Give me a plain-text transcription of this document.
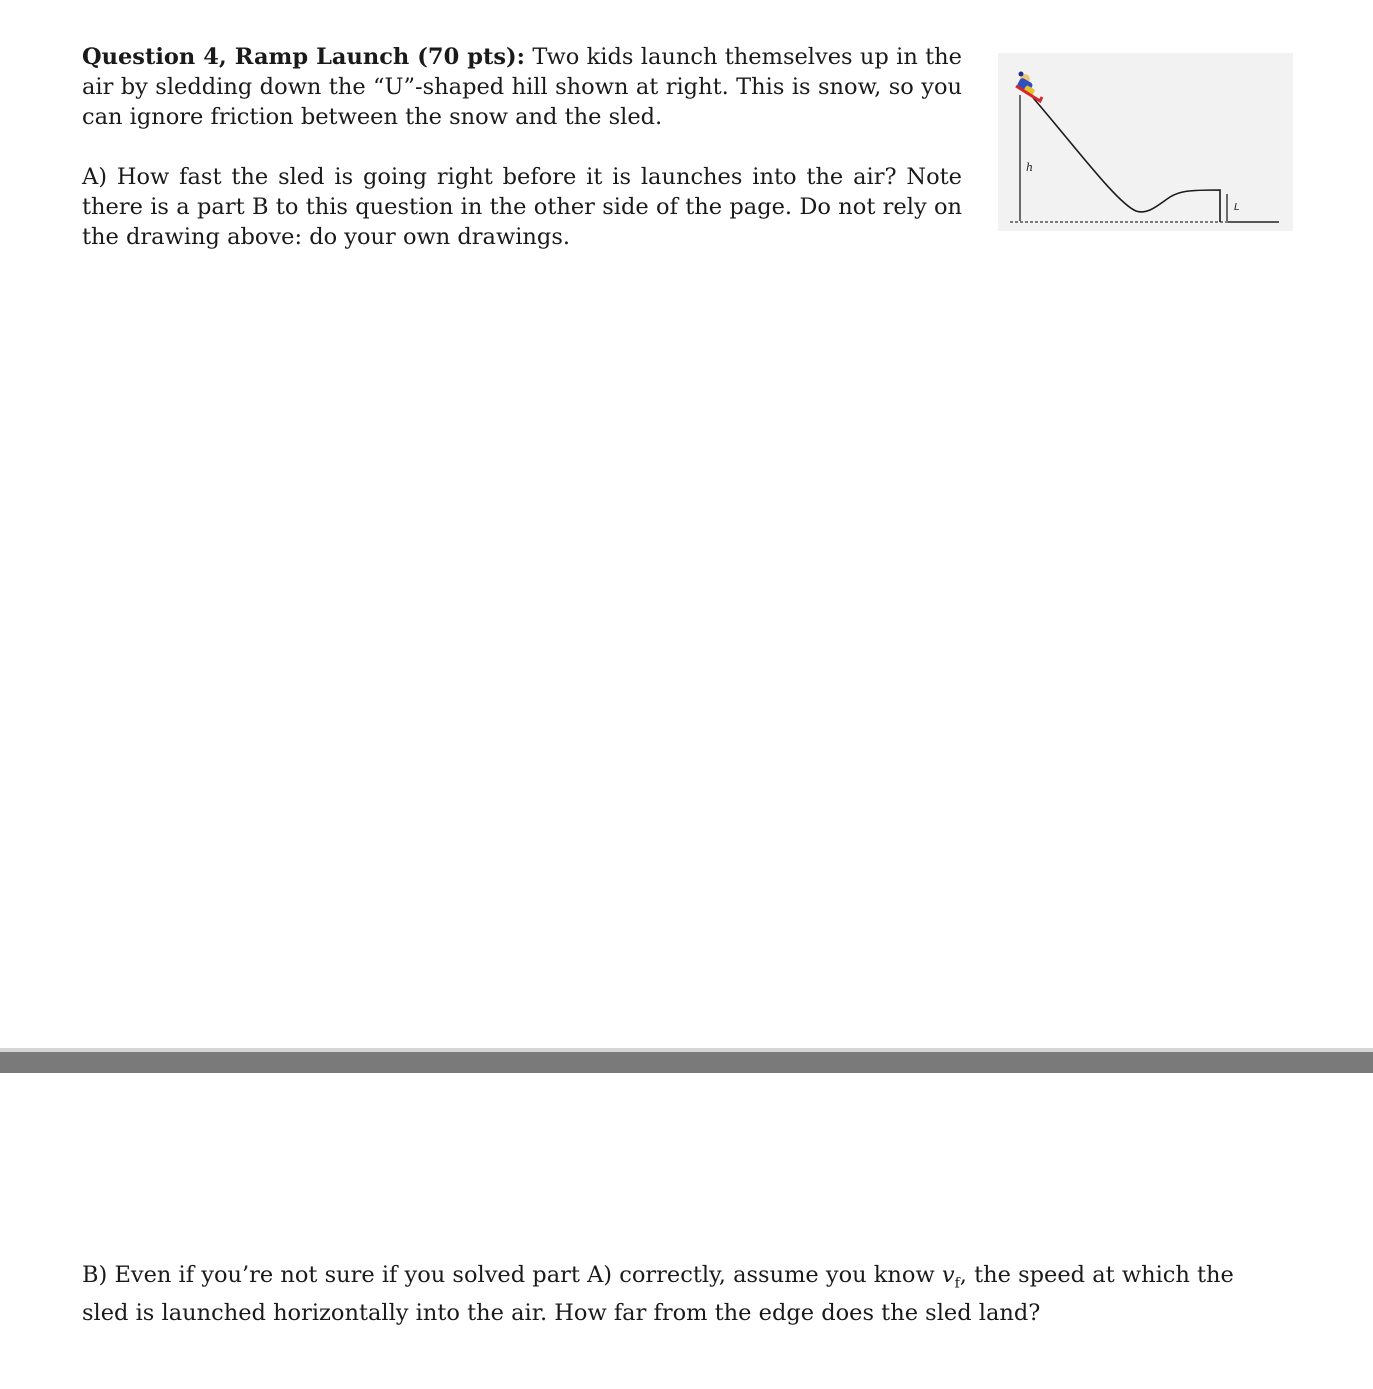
Question 4, Ramp Launch (70 pts): Two kids launch themselves up in the air by sledding down the “U”-shaped hill shown at right. This is snow, so you can ignore friction between the snow and the sled.

A) How fast the sled is going right before it is launches into the air? Note there is a part B to this question in the other side of the page. Do not rely on the drawing above: do your own drawings.

h
L

B) Even if you’re not sure if you solved part A) correctly, assume you know $v_f$, the speed at which the sled is launched horizontally into the air. How far from the edge does the sled land?
